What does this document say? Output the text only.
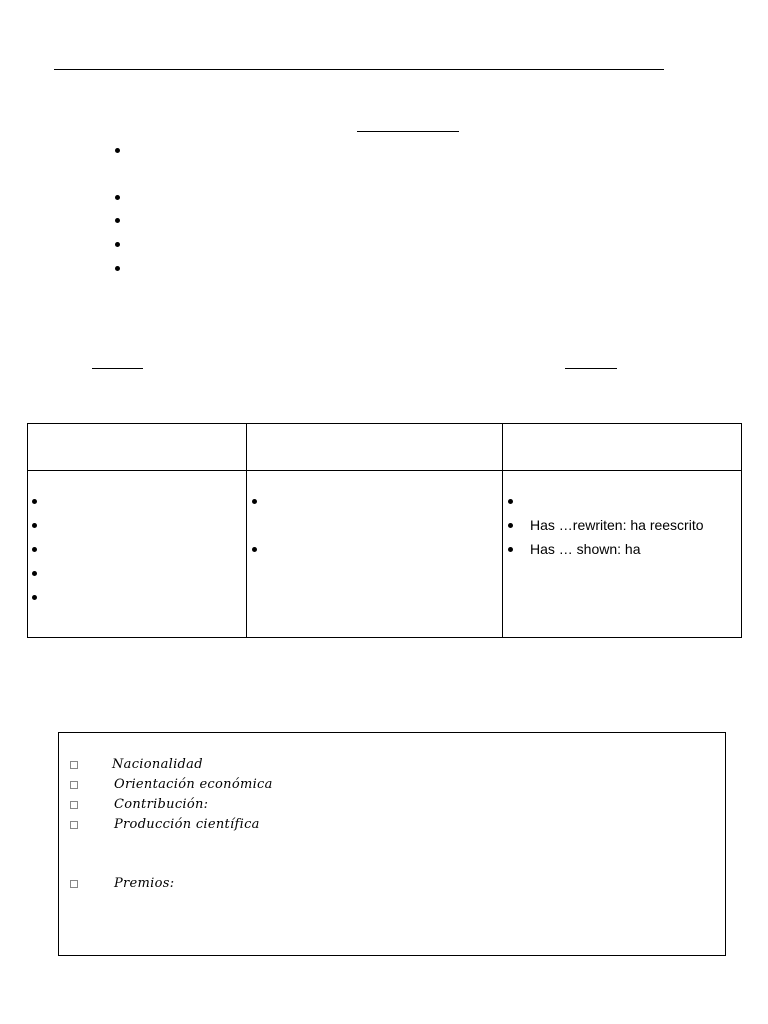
Has …rewriten: ha reescrito
Has … shown: ha
Nacionalidad
Orientación económica
Contribución:
Producción científica
Premios:
